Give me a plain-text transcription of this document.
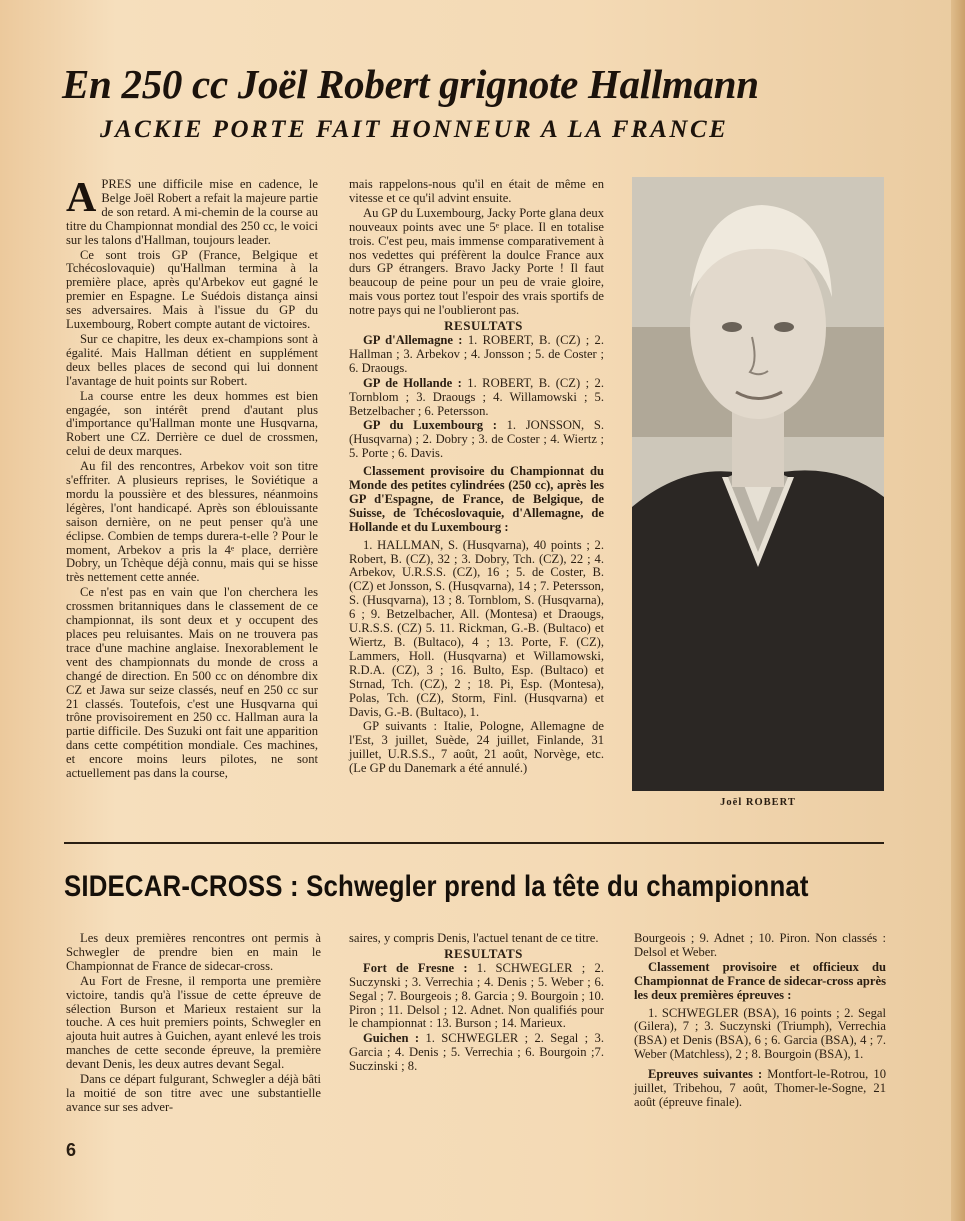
En 250 cc Joël Robert grignote Hallmann
JACKIE PORTE FAIT HONNEUR A LA FRANCE

APRES une difficile mise en cadence, le Belge Joël Robert a refait la majeure partie de son retard. A mi-chemin de la course au titre du Championnat mondial des 250 cc, le voici sur les talons d'Hallman, toujours leader.

Ce sont trois GP (France, Belgique et Tchécoslovaquie) qu'Hallman termina à la première place, après qu'Arbekov eut gagné le premier en Espagne. Le Suédois distança ainsi ses adversaires. Mais à l'issue du GP du Luxembourg, Robert compte autant de victoires.

Sur ce chapitre, les deux ex-champions sont à égalité. Mais Hallman détient en supplément deux belles places de second qui lui donnent l'avantage de huit points sur Robert.

La course entre les deux hommes est bien engagée, son intérêt prend d'autant plus d'importance qu'Hallman monte une Husqvarna, Robert une CZ. Derrière ce duel de crossmen, celui de deux marques.

Au fil des rencontres, Arbekov voit son titre s'effriter. A plusieurs reprises, le Soviétique a mordu la poussière et des blessures, néanmoins légères, l'ont handicapé. Après son éblouissante saison dernière, on ne peut penser qu'à une éclipse. Combien de temps durera-t-elle ? Pour le moment, Arbekov a pris la 4ᵉ place, derrière Dobry, un Tchèque déjà connu, mais qui se hisse très nettement cette année.

Ce n'est pas en vain que l'on cherchera les crossmen britanniques dans le classement de ce championnat, ils sont deux et y occupent des places peu reluisantes. Mais on ne trouvera pas trace d'une machine anglaise. Inexorablement le vent des championnats du monde de cross a changé de direction. En 500 cc on dénombre dix CZ et Jawa sur seize classés, neuf en 250 cc sur 21 classés. Toutefois, c'est une Husqvarna qui trône provisoirement en 250 cc. Hallman aura la partie difficile. Des Suzuki ont fait une apparition dans cette compétition mondiale. Ces machines, et encore moins leurs pilotes, ne sont actuellement pas dans la course,

mais rappelons-nous qu'il en était de même en vitesse et ce qu'il advint ensuite.

Au GP du Luxembourg, Jacky Porte glana deux nouveaux points avec une 5ᵉ place. Il en totalise trois. C'est peu, mais immense comparativement à nos vedettes qui préfèrent la doulce France aux durs GP étrangers. Bravo Jacky Porte ! Il faut beaucoup de peine pour un peu de vraie gloire, mais vous portez tout l'espoir des vrais sportifs de notre pays qui ne l'oublieront pas.

RESULTATS

GP d'Allemagne : 1. ROBERT, B. (CZ) ; 2. Hallman ; 3. Arbekov ; 4. Jonsson ; 5. de Coster ; 6. Draougs.

GP de Hollande : 1. ROBERT, B. (CZ) ; 2. Tornblom ; 3. Draougs ; 4. Willamowski ; 5. Betzelbacher ; 6. Petersson.

GP du Luxembourg : 1. JONSSON, S. (Husqvarna) ; 2. Dobry ; 3. de Coster ; 4. Wiertz ; 5. Porte ; 6. Davis.

Classement provisoire du Championnat du Monde des petites cylindrées (250 cc), après les GP d'Espagne, de France, de Belgique, de Suisse, de Tchécoslovaquie, d'Allemagne, de Hollande et du Luxembourg :

1. HALLMAN, S. (Husqvarna), 40 points ; 2. Robert, B. (CZ), 32 ; 3. Dobry, Tch. (CZ), 22 ; 4. Arbekov, U.R.S.S. (CZ), 16 ; 5. de Coster, B. (CZ) et Jonsson, S. (Husqvarna), 14 ; 7. Petersson, S. (Husqvarna), 13 ; 8. Tornblom, S. (Husqvarna), 6 ; 9. Betzelbacher, All. (Montesa) et Draougs, U.R.S.S. (CZ) 5. 11. Rickman, G.-B. (Bultaco) et Wiertz, B. (Bultaco), 4 ; 13. Porte, F. (CZ), Lammers, Holl. (Husqvarna) et Willamowski, R.D.A. (CZ), 3 ; 16. Bulto, Esp. (Bultaco) et Strnad, Tch. (CZ), 2 ; 18. Pi, Esp. (Montesa), Polas, Tch. (CZ), Storm, Finl. (Husqvarna) et Davis, G.-B. (Bultaco), 1.

GP suivants : Italie, Pologne, Allemagne de l'Est, 3 juillet, Suède, 24 juillet, Finlande, 31 juillet, U.R.S.S., 7 août, 21 août, Norvège, etc. (Le GP du Danemark a été annulé.)

Joël ROBERT
SIDECAR-CROSS : Schwegler prend la tête du championnat

Les deux premières rencontres ont permis à Schwegler de prendre bien en main le Championnat de France de sidecar-cross.

Au Fort de Fresne, il remporta une première victoire, tandis qu'à l'issue de cette épreuve de sélection Burson et Marieux restaient sur la touche. A ces huit premiers points, Schwegler en ajouta huit autres à Guichen, ayant enlevé les trois manches de cette seconde épreuve, la première devant Denis, les deux autres devant Segal.

Dans ce départ fulgurant, Schwegler a déjà bâti la moitié de son titre avec une substantielle avance sur ses adver-

saires, y compris Denis, l'actuel tenant de ce titre.

RESULTATS

Fort de Fresne : 1. SCHWEGLER ; 2. Suczynski ; 3. Verrechia ; 4. Denis ; 5. Weber ; 6. Segal ; 7. Bourgeois ; 8. Garcia ; 9. Bourgoin ; 10. Piron ; 11. Delsol ; 12. Adnet. Non qualifiés pour le championnat : 13. Burson ; 14. Marieux.

Guichen : 1. SCHWEGLER ; 2. Segal ; 3. Garcia ; 4. Denis ; 5. Verrechia ; 6. Bourgoin ;7. Suczinski ; 8.

Bourgeois ; 9. Adnet ; 10. Piron. Non classés : Delsol et Weber.

Classement provisoire et officieux du Championnat de France de sidecar-cross après les deux premières épreuves :

1. SCHWEGLER (BSA), 16 points ; 2. Segal (Gilera), 7 ; 3. Suczynski (Triumph), Verrechia (BSA) et Denis (BSA), 6 ; 6. Garcia (BSA), 4 ; 7. Weber (Matchless), 2 ; 8. Bourgoin (BSA), 1.

Epreuves suivantes : Montfort-le-Rotrou, 10 juillet, Tribehou, 7 août, Thomer-le-Sogne, 21 août (épreuve finale).

6
